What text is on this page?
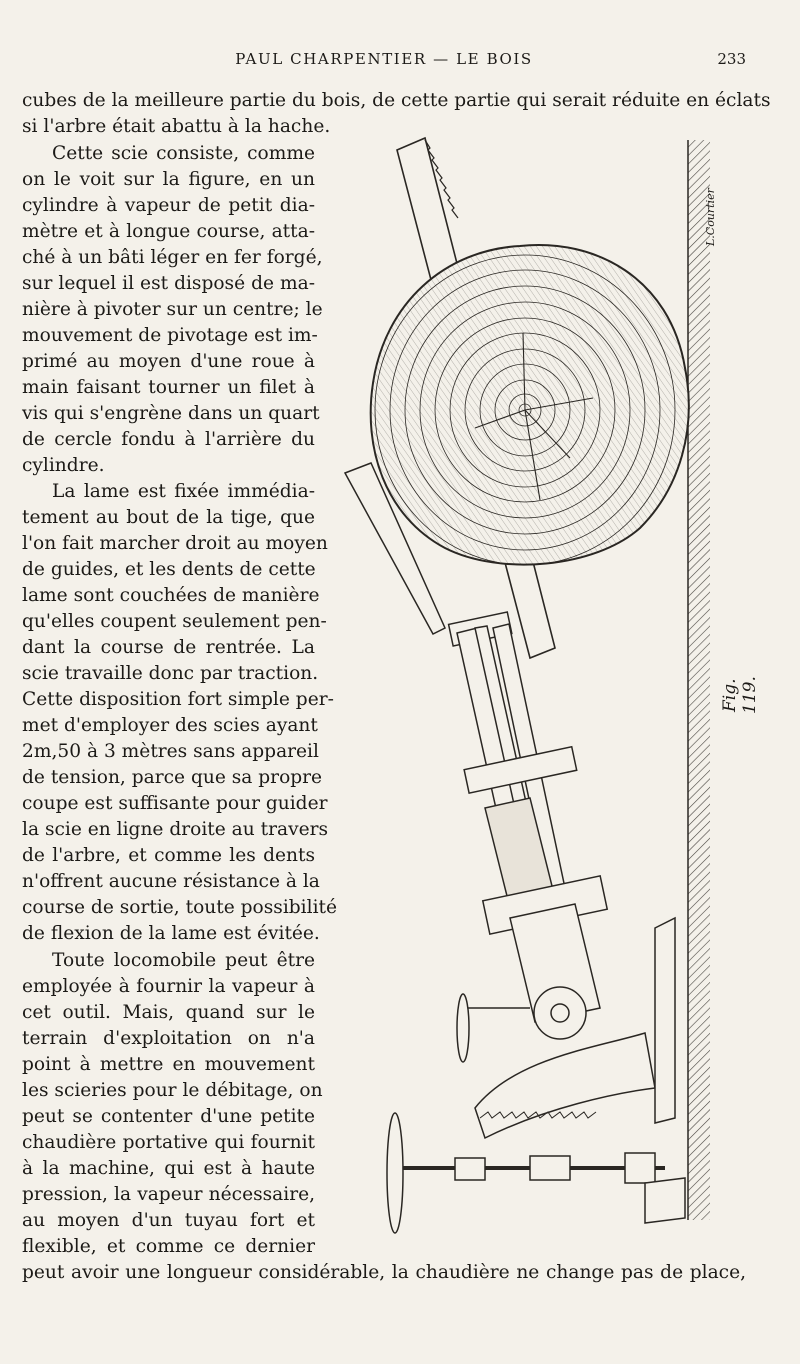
PAUL CHARPENTIER — LE BOIS	233
cubes de la meilleure partie du bois, de cette partie qui serait réduite en éclats
si l'arbre était abattu à la hache.
Cette scie consiste, comme
on le voit sur la figure, en un
cylindre à vapeur de petit dia-
mètre et à longue course, atta-
ché à un bâti léger en fer forgé,
sur lequel il est disposé de ma-
nière à pivoter sur un centre; le
mouvement de pivotage est im-
primé au moyen d'une roue à
main faisant tourner un filet à
vis qui s'engrène dans un quart
de cercle fondu à l'arrière du
cylindre.
La lame est fixée immédia-
tement au bout de la tige, que
l'on fait marcher droit au moyen
de guides, et les dents de cette
lame sont couchées de manière
qu'elles coupent seulement pen-
dant la course de rentrée. La
scie travaille donc par traction.
Cette disposition fort simple per-
met d'employer des scies ayant
2m,50 à 3 mètres sans appareil
de tension, parce que sa propre
coupe est suffisante pour guider
la scie en ligne droite au travers
de l'arbre, et comme les dents
n'offrent aucune résistance à la
course de sortie, toute possibilité
de flexion de la lame est évitée.
Toute locomobile peut être
employée à fournir la vapeur à
cet outil. Mais, quand sur le
terrain d'exploitation on n'a
point à mettre en mouvement
les scieries pour le débitage, on
peut se contenter d'une petite
chaudière portative qui fournit
à la machine, qui est à haute
pression, la vapeur nécessaire,
au moyen d'un tuyau fort et
flexible, et comme ce dernier
peut avoir une longueur considérable, la chaudière ne change pas de place,
Fig. 119.
L.Courtier
